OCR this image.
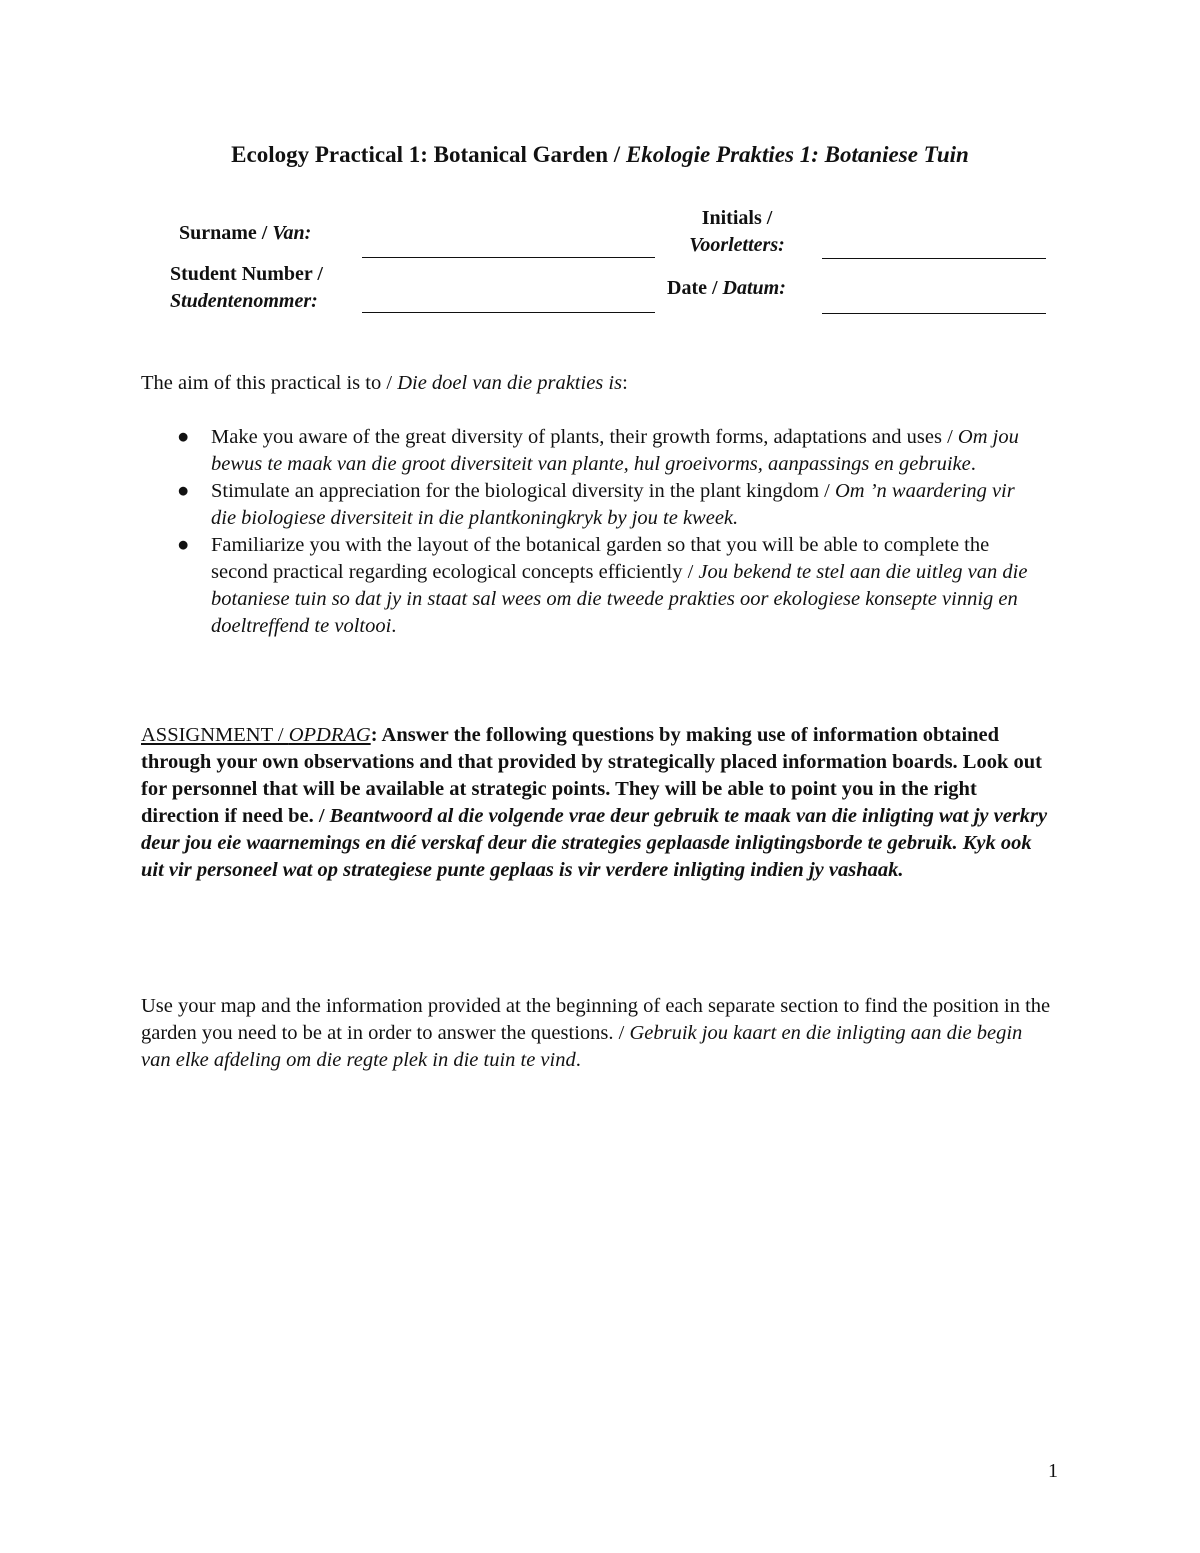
Ecology Practical 1: Botanical Garden / Ekologie Prakties 1: Botaniese Tuin
Surname / Van:
Initials /
Voorletters:
Student Number /
Studentenommer:
Date / Datum:
The aim of this practical is to / Die doel van die prakties is:
● Make you aware of the great diversity of plants, their growth forms, adaptations and uses / Om jou bewus te maak van die groot diversiteit van plante, hul groeivorms, aanpassings en gebruike.
● Stimulate an appreciation for the biological diversity in the plant kingdom / Om ’n waardering vir die biologiese diversiteit in die plantkoningkryk by jou te kweek.
● Familiarize you with the layout of the botanical garden so that you will be able to complete the second practical regarding ecological concepts efficiently / Jou bekend te stel aan die uitleg van die botaniese tuin so dat jy in staat sal wees om die tweede prakties oor ekologiese konsepte vinnig en doeltreffend te voltooi.
ASSIGNMENT / OPDRAG: Answer the following questions by making use of information obtained through your own observations and that provided by strategically placed information boards. Look out for personnel that will be available at strategic points. They will be able to point you in the right direction if need be. / Beantwoord al die volgende vrae deur gebruik te maak van die inligting wat jy verkry deur jou eie waarnemings en dié verskaf deur die strategies geplaasde inligtingsborde te gebruik. Kyk ook uit vir personeel wat op strategiese punte geplaas is vir verdere inligting indien jy vashaak.
Use your map and the information provided at the beginning of each separate section to find the position in the garden you need to be at in order to answer the questions. / Gebruik jou kaart en die inligting aan die begin van elke afdeling om die regte plek in die tuin te vind.
1
